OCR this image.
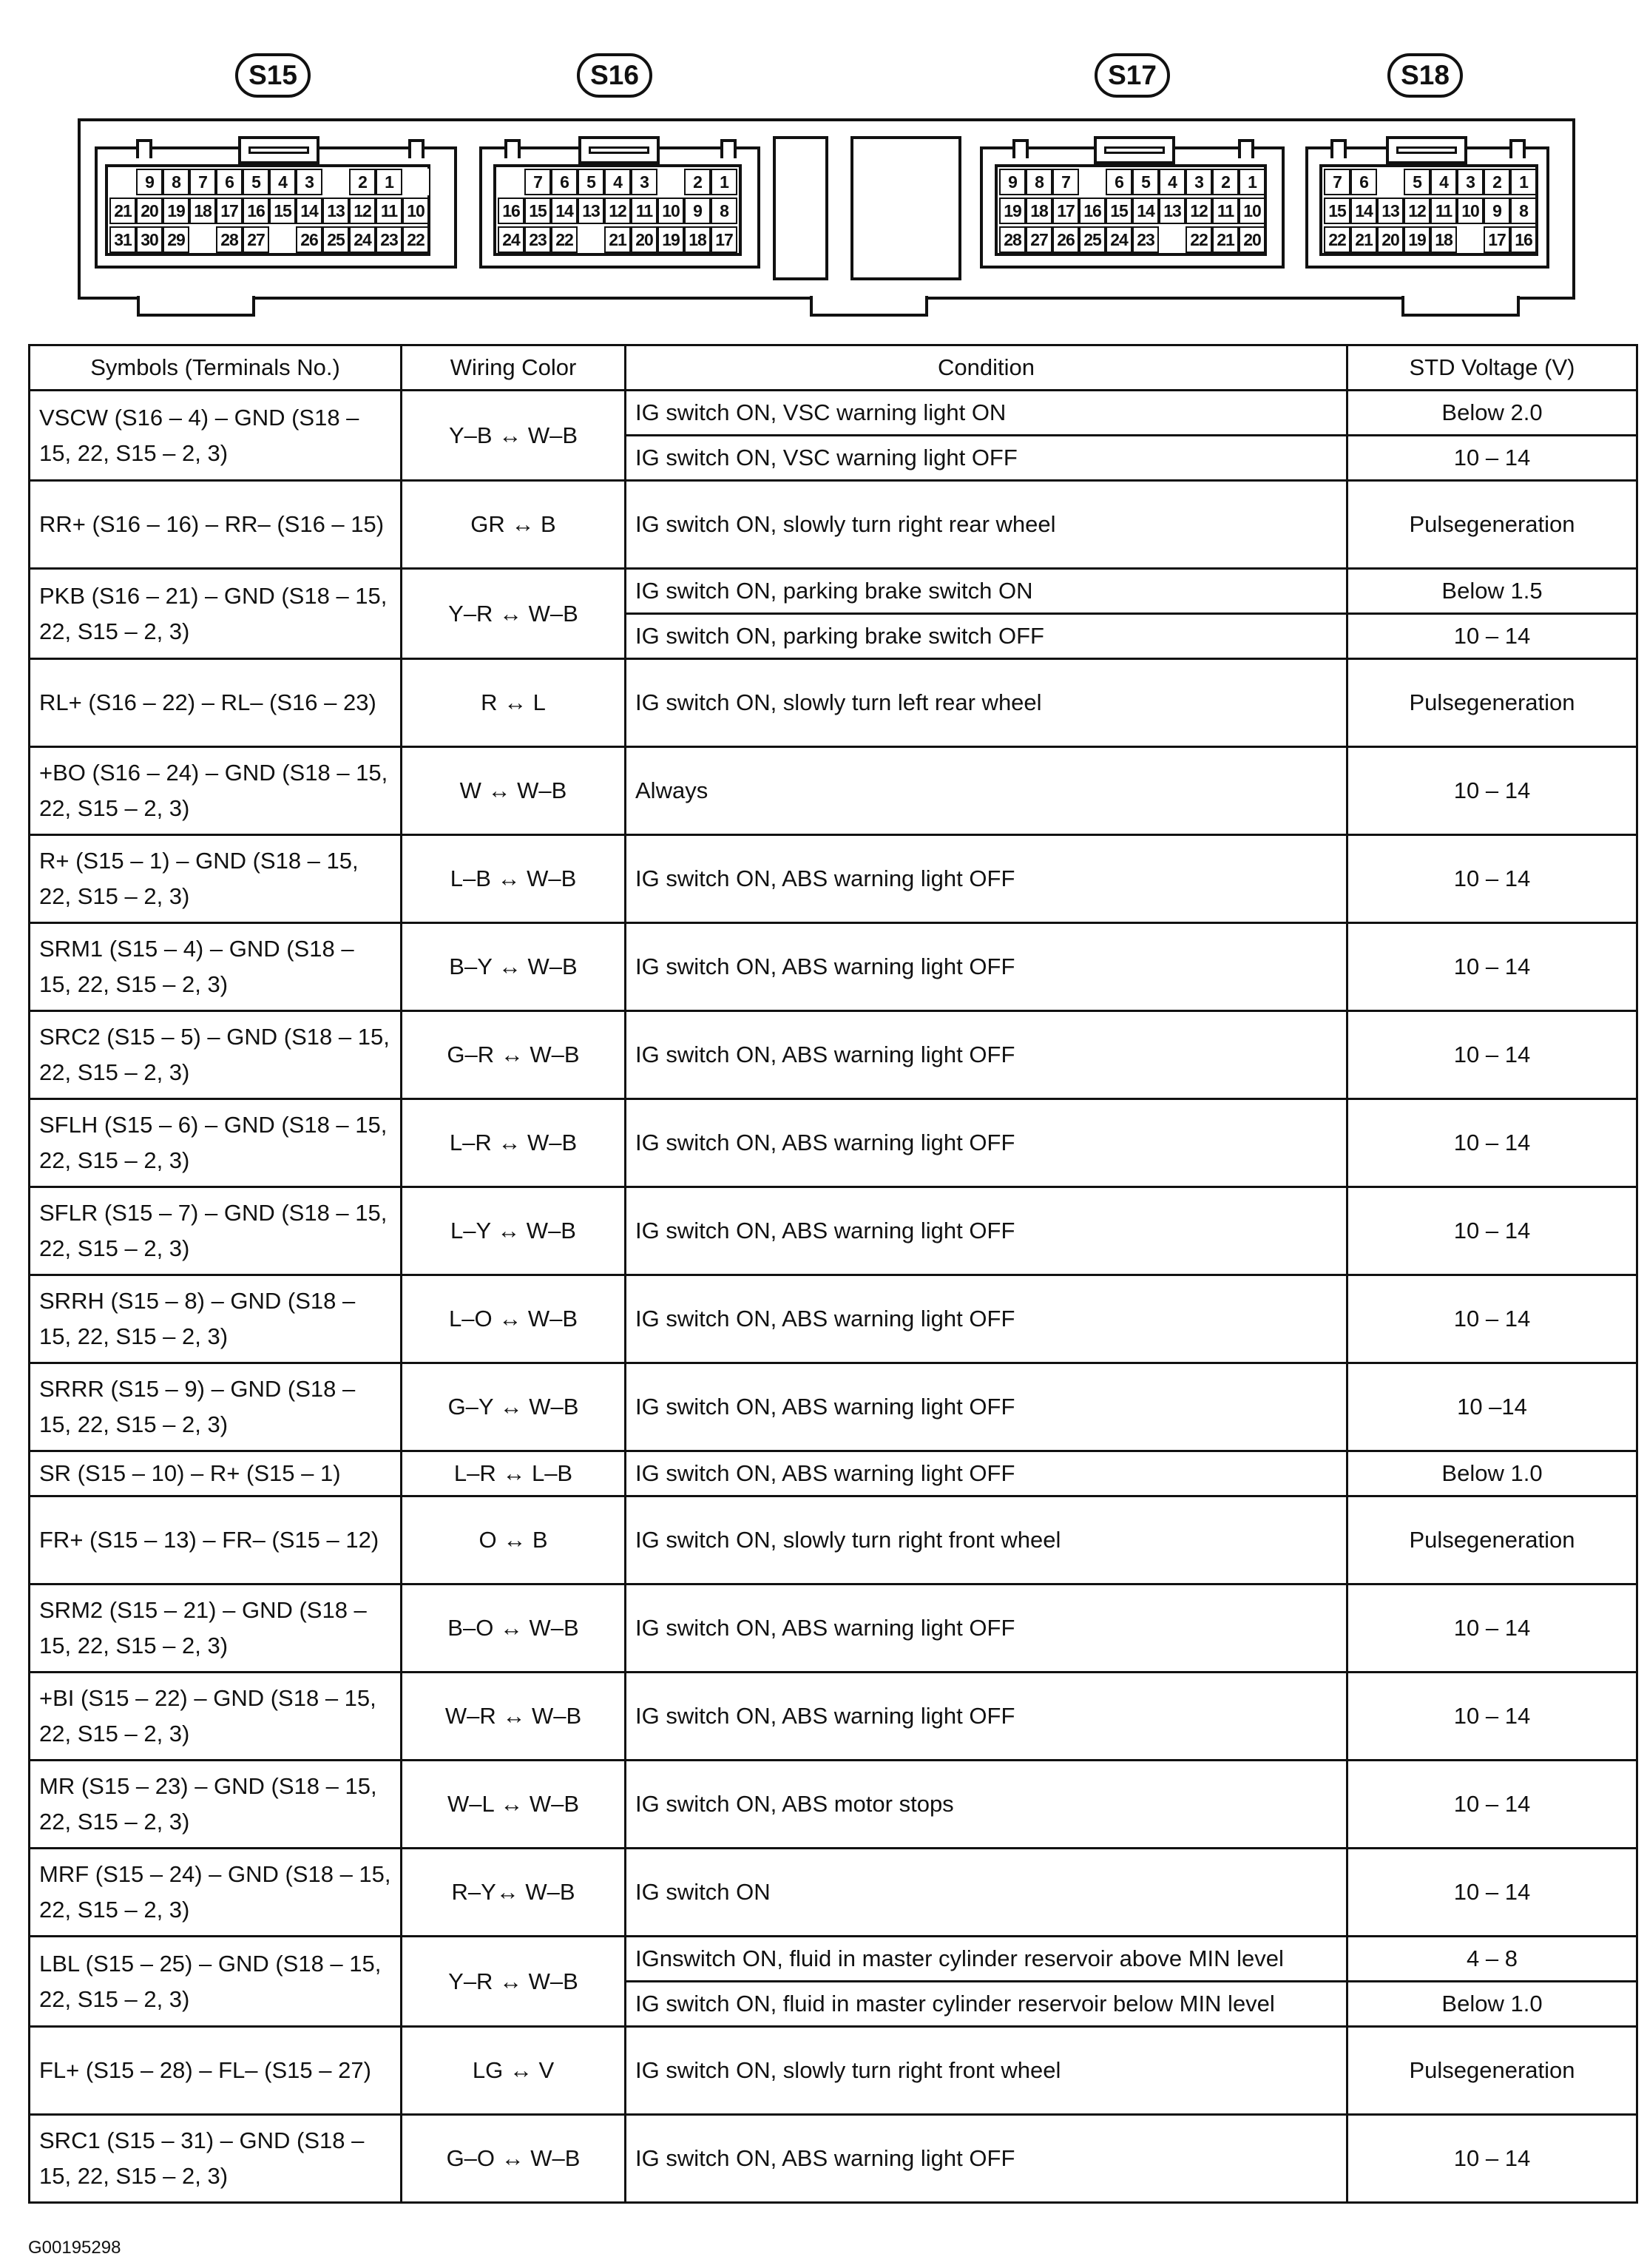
S15	S16	S17	S18
9	8	7	6	5	4	3	2	1
21 20 19 18 17 16 15 14 13 12 11 10
31 30 29 28 27 26 25 24 23 22
7	6	5	4	3	2	1
16 15 14 13 12 11 10 9	8
24 23 22 21 20 19 18 17
9	8	7	6	5	4	3	2	1
19 18 17 16 15 14 13 12 11 10
28 27 26 25 24 23 22 21 20
7	6	5	4	3	2	1
15 14 13 12 11 10 9	8
22 21 20 19 18 17 16
Symbols (Terminals No.)	Wiring Color	Condition	STD Voltage (V)
VSCW (S16 – 4) – GND (S18 – 15, 22, S15 – 2, 3)	Y–B ↔ W–B	IG switch ON, VSC warning light ON	Below 2.0
		IG switch ON, VSC warning light OFF	10 – 14
RR+ (S16 – 16) – RR– (S16 – 15)	GR ↔ B	IG switch ON, slowly turn right rear wheel	Pulsegeneration
PKB (S16 – 21) – GND (S18 – 15, 22, S15 – 2, 3)	Y–R ↔ W–B	IG switch ON, parking brake switch ON	Below 1.5
		IG switch ON, parking brake switch OFF	10 – 14
RL+ (S16 – 22) – RL– (S16 – 23)	R ↔ L	IG switch ON, slowly turn left rear wheel	Pulsegeneration
+BO (S16 – 24) – GND (S18 – 15, 22, S15 – 2, 3)	W ↔ W–B	Always	10 – 14
R+ (S15 – 1) – GND (S18 – 15, 22, S15 – 2, 3)	L–B ↔ W–B	IG switch ON, ABS warning light OFF	10 – 14
SRM1 (S15 – 4) – GND (S18 – 15, 22, S15 – 2, 3)	B–Y ↔ W–B	IG switch ON, ABS warning light OFF	10 – 14
SRC2 (S15 – 5) – GND (S18 – 15, 22, S15 – 2, 3)	G–R ↔ W–B	IG switch ON, ABS warning light OFF	10 – 14
SFLH (S15 – 6) – GND (S18 – 15, 22, S15 – 2, 3)	L–R ↔ W–B	IG switch ON, ABS warning light OFF	10 – 14
SFLR (S15 – 7) – GND (S18 – 15, 22, S15 – 2, 3)	L–Y ↔ W–B	IG switch ON, ABS warning light OFF	10 – 14
SRRH (S15 – 8) – GND (S18 – 15, 22, S15 – 2, 3)	L–O ↔ W–B	IG switch ON, ABS warning light OFF	10 – 14
SRRR (S15 – 9) – GND (S18 – 15, 22, S15 – 2, 3)	G–Y ↔ W–B	IG switch ON, ABS warning light OFF	10 –14
SR (S15 – 10) – R+ (S15 – 1)	L–R ↔ L–B	IG switch ON, ABS warning light OFF	Below 1.0
FR+ (S15 – 13) – FR– (S15 – 12)	O ↔ B	IG switch ON, slowly turn right front wheel	Pulsegeneration
SRM2 (S15 – 21) – GND (S18 – 15, 22, S15 – 2, 3)	B–O ↔ W–B	IG switch ON, ABS warning light OFF	10 – 14
+BI (S15 – 22) – GND (S18 – 15, 22, S15 – 2, 3)	W–R ↔ W–B	IG switch ON, ABS warning light OFF	10 – 14
MR (S15 – 23) – GND (S18 – 15, 22, S15 – 2, 3)	W–L ↔ W–B	IG switch ON, ABS motor stops	10 – 14
MRF (S15 – 24) – GND (S18 – 15, 22, S15 – 2, 3)	R–Y↔ W–B	IG switch ON	10 – 14
LBL (S15 – 25) – GND (S18 – 15, 22, S15 – 2, 3)	Y–R ↔ W–B	IGnswitch ON, fluid in master cylinder reservoir above MIN level	4 – 8
		IG switch ON, fluid in master cylinder reservoir below MIN level	Below 1.0
FL+ (S15 – 28) – FL– (S15 – 27)	LG ↔ V	IG switch ON, slowly turn right front wheel	Pulsegeneration
SRC1 (S15 – 31) – GND (S18 – 15, 22, S15 – 2, 3)	G–O ↔ W–B	IG switch ON, ABS warning light OFF	10 – 14
G00195298
